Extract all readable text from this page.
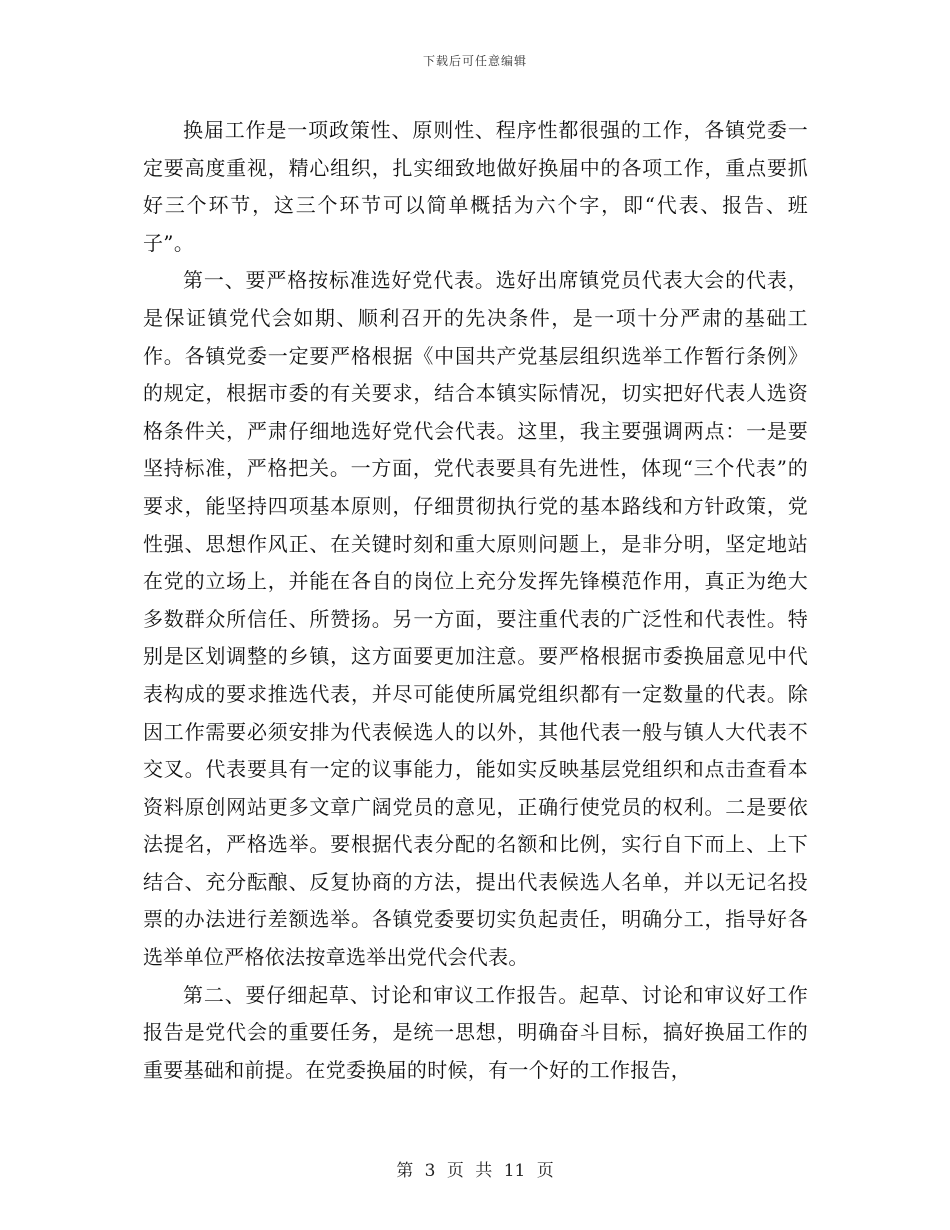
下载后可任意编辑

换届工作是一项政策性、原则性、程序性都很强的工作，各镇党委一定要高度重视，精心组织，扎实细致地做好换届中的各项工作，重点要抓好三个环节，这三个环节可以简单概括为六个字，即“代表、报告、班子”。

第一、要严格按标准选好党代表。选好出席镇党员代表大会的代表，是保证镇党代会如期、顺利召开的先决条件，是一项十分严肃的基础工作。各镇党委一定要严格根据《中国共产党基层组织选举工作暂行条例》的规定，根据市委的有关要求，结合本镇实际情况，切实把好代表人选资格条件关，严肃仔细地选好党代会代表。这里，我主要强调两点：一是要坚持标准，严格把关。一方面，党代表要具有先进性，体现“三个代表”的要求，能坚持四项基本原则，仔细贯彻执行党的基本路线和方针政策，党性强、思想作风正、在关键时刻和重大原则问题上，是非分明，坚定地站在党的立场上，并能在各自的岗位上充分发挥先锋模范作用，真正为绝大多数群众所信任、所赞扬。另一方面，要注重代表的广泛性和代表性。特别是区划调整的乡镇，这方面要更加注意。要严格根据市委换届意见中代表构成的要求推选代表，并尽可能使所属党组织都有一定数量的代表。除因工作需要必须安排为代表候选人的以外，其他代表一般与镇人大代表不交叉。代表要具有一定的议事能力，能如实反映基层党组织和点击查看本资料原创网站更多文章广阔党员的意见，正确行使党员的权利。二是要依法提名，严格选举。要根据代表分配的名额和比例，实行自下而上、上下结合、充分酝酿、反复协商的方法，提出代表候选人名单，并以无记名投票的办法进行差额选举。各镇党委要切实负起责任，明确分工，指导好各选举单位严格依法按章选举出党代会代表。

第二、要仔细起草、讨论和审议工作报告。起草、讨论和审议好工作报告是党代会的重要任务，是统一思想，明确奋斗目标，搞好换届工作的重要基础和前提。在党委换届的时候，有一个好的工作报告，

第 3 页 共 11 页
